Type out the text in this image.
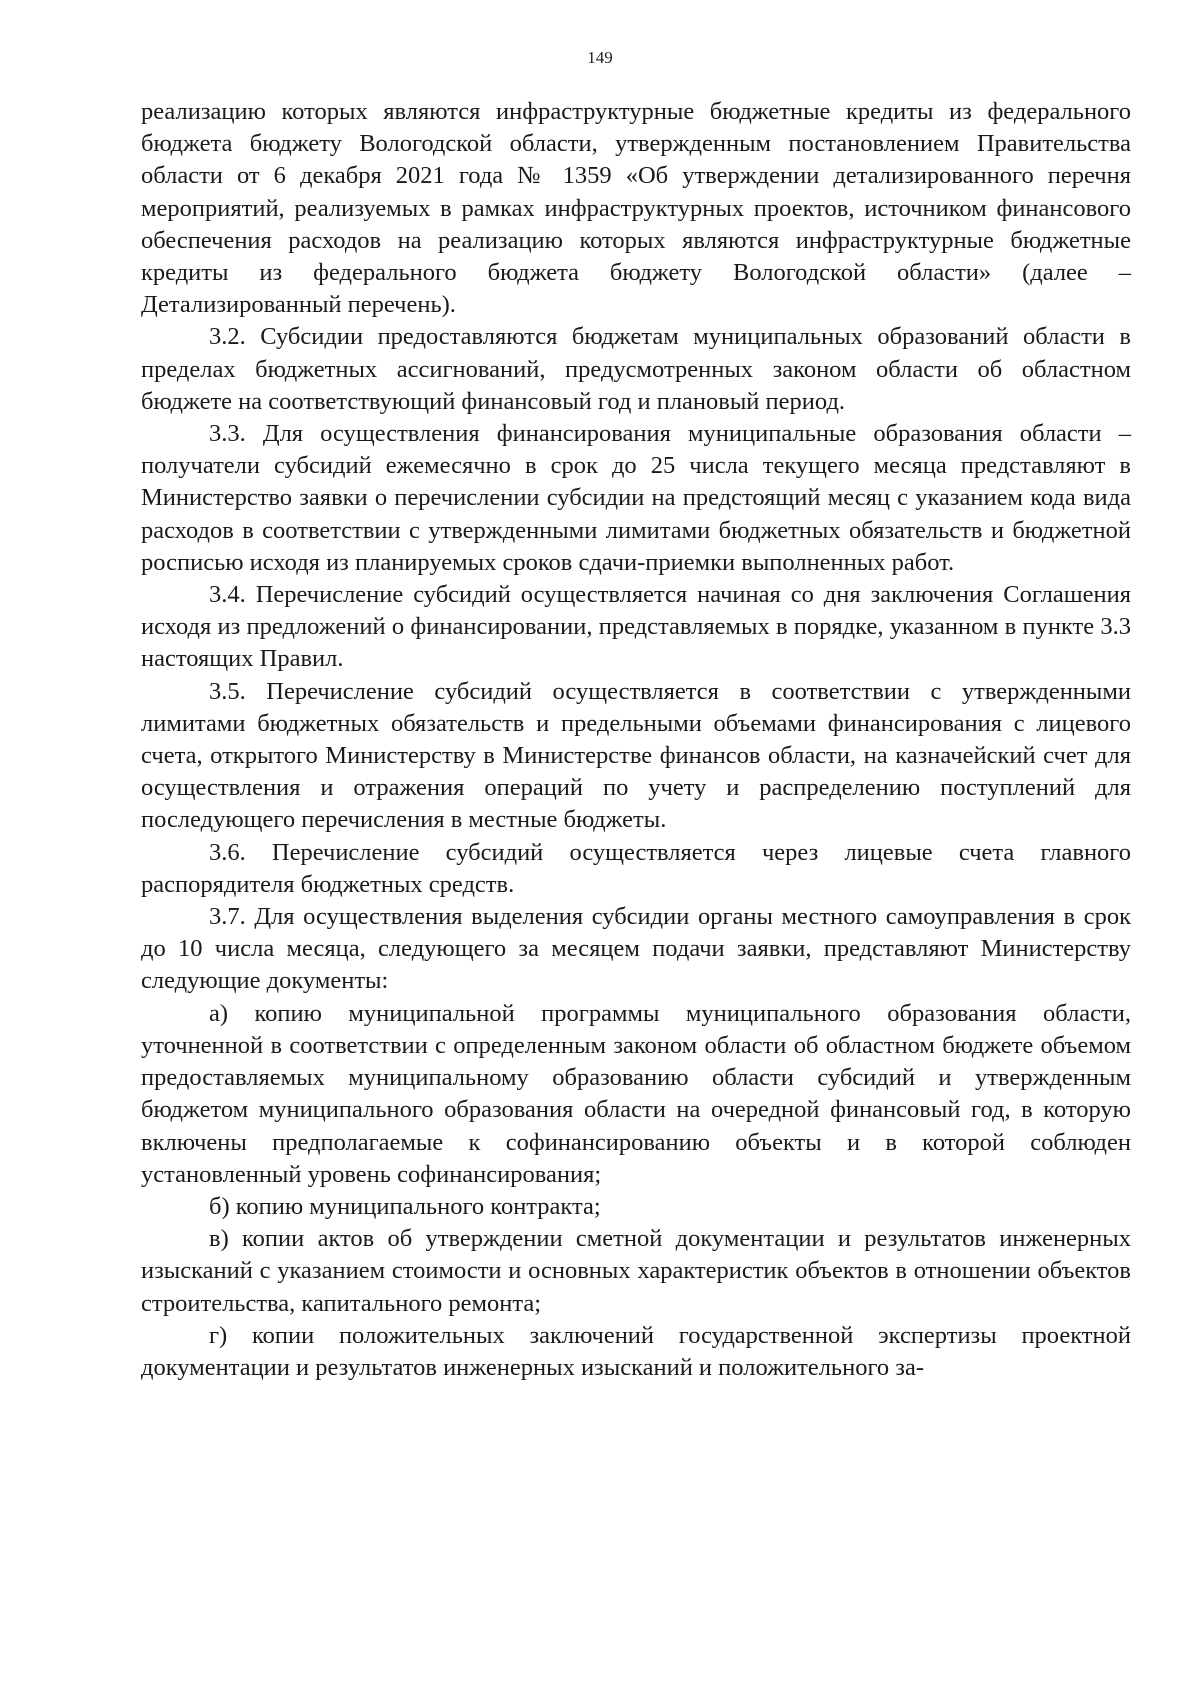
149

реализацию которых являются инфраструктурные бюджетные кредиты из федерального бюджета бюджету Вологодской области, утвержденным постановлением Правительства области от 6 декабря 2021 года № 1359 «Об утверждении детализированного перечня мероприятий, реализуемых в рамках инфраструктурных проектов, источником финансового обеспечения расходов на реализацию которых являются инфраструктурные бюджетные кредиты из федерального бюджета бюджету Вологодской области» (далее – Детализированный перечень).

3.2. Субсидии предоставляются бюджетам муниципальных образований области в пределах бюджетных ассигнований, предусмотренных законом области об областном бюджете на соответствующий финансовый год и плановый период.

3.3. Для осуществления финансирования муниципальные образования области – получатели субсидий ежемесячно в срок до 25 числа текущего месяца представляют в Министерство заявки о перечислении субсидии на предстоящий месяц с указанием кода вида расходов в соответствии с утвержденными лимитами бюджетных обязательств и бюджетной росписью исходя из планируемых сроков сдачи-приемки выполненных работ.

3.4. Перечисление субсидий осуществляется начиная со дня заключения Соглашения исходя из предложений о финансировании, представляемых в порядке, указанном в пункте 3.3 настоящих Правил.

3.5. Перечисление субсидий осуществляется в соответствии с утвержденными лимитами бюджетных обязательств и предельными объемами финансирования с лицевого счета, открытого Министерству в Министерстве финансов области, на казначейский счет для осуществления и отражения операций по учету и распределению поступлений для последующего перечисления в местные бюджеты.

3.6. Перечисление субсидий осуществляется через лицевые счета главного распорядителя бюджетных средств.

3.7. Для осуществления выделения субсидии органы местного самоуправления в срок до 10 числа месяца, следующего за месяцем подачи заявки, представляют Министерству следующие документы:

а) копию муниципальной программы муниципального образования области, уточненной в соответствии с определенным законом области об областном бюджете объемом предоставляемых муниципальному образованию области субсидий и утвержденным бюджетом муниципального образования области на очередной финансовый год, в которую включены предполагаемые к софинансированию объекты и в которой соблюден установленный уровень софинансирования;

б) копию муниципального контракта;

в) копии актов об утверждении сметной документации и результатов инженерных изысканий с указанием стоимости и основных характеристик объектов в отношении объектов строительства, капитального ремонта;

г) копии положительных заключений государственной экспертизы проектной документации и результатов инженерных изысканий и положительного за-
